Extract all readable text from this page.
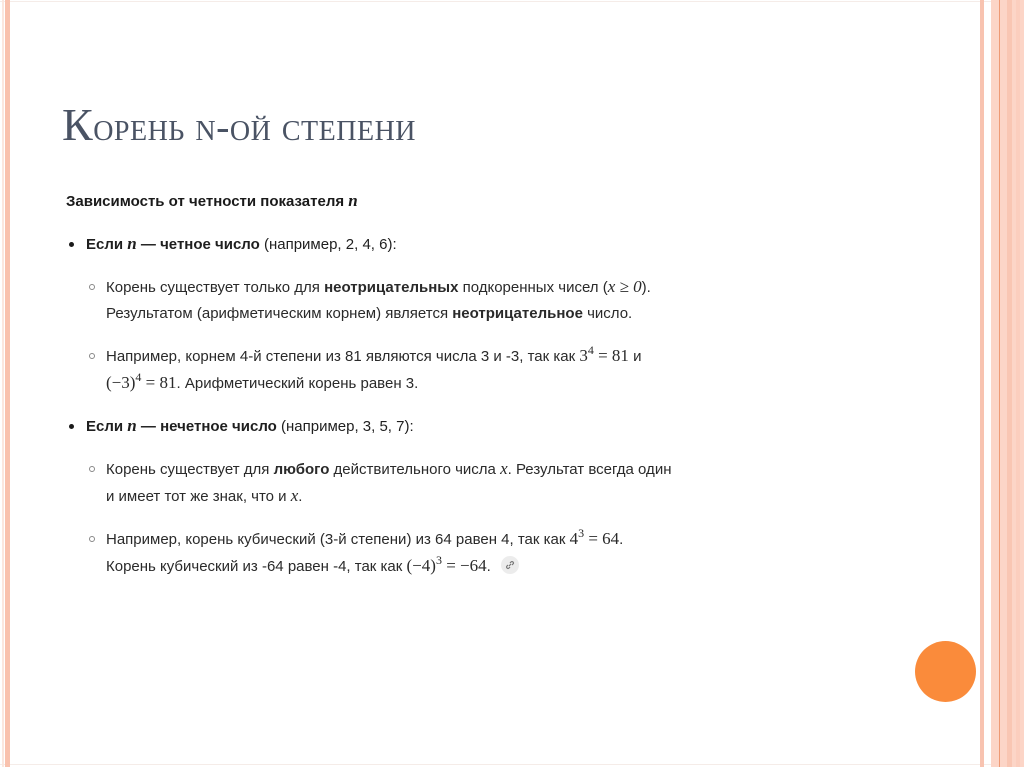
Корень n-ой степени
Зависимость от четности показателя n
Если n — четное число (например, 2, 4, 6):
Корень существует только для неотрицательных подкоренных чисел (x ≥ 0).
Результатом (арифметическим корнем) является неотрицательное число.
Например, корнем 4-й степени из 81 являются числа 3 и -3, так как $3^4 = 81$ и
$(-3)^4 = 81$. Арифметический корень равен 3.
Если n — нечетное число (например, 3, 5, 7):
Корень существует для любого действительного числа x. Результат всегда один
и имеет тот же знак, что и x.
Например, корень кубический (3-й степени) из 64 равен 4, так как $4^3 = 64$.
Корень кубический из -64 равен -4, так как $(-4)^3 = -64$.
